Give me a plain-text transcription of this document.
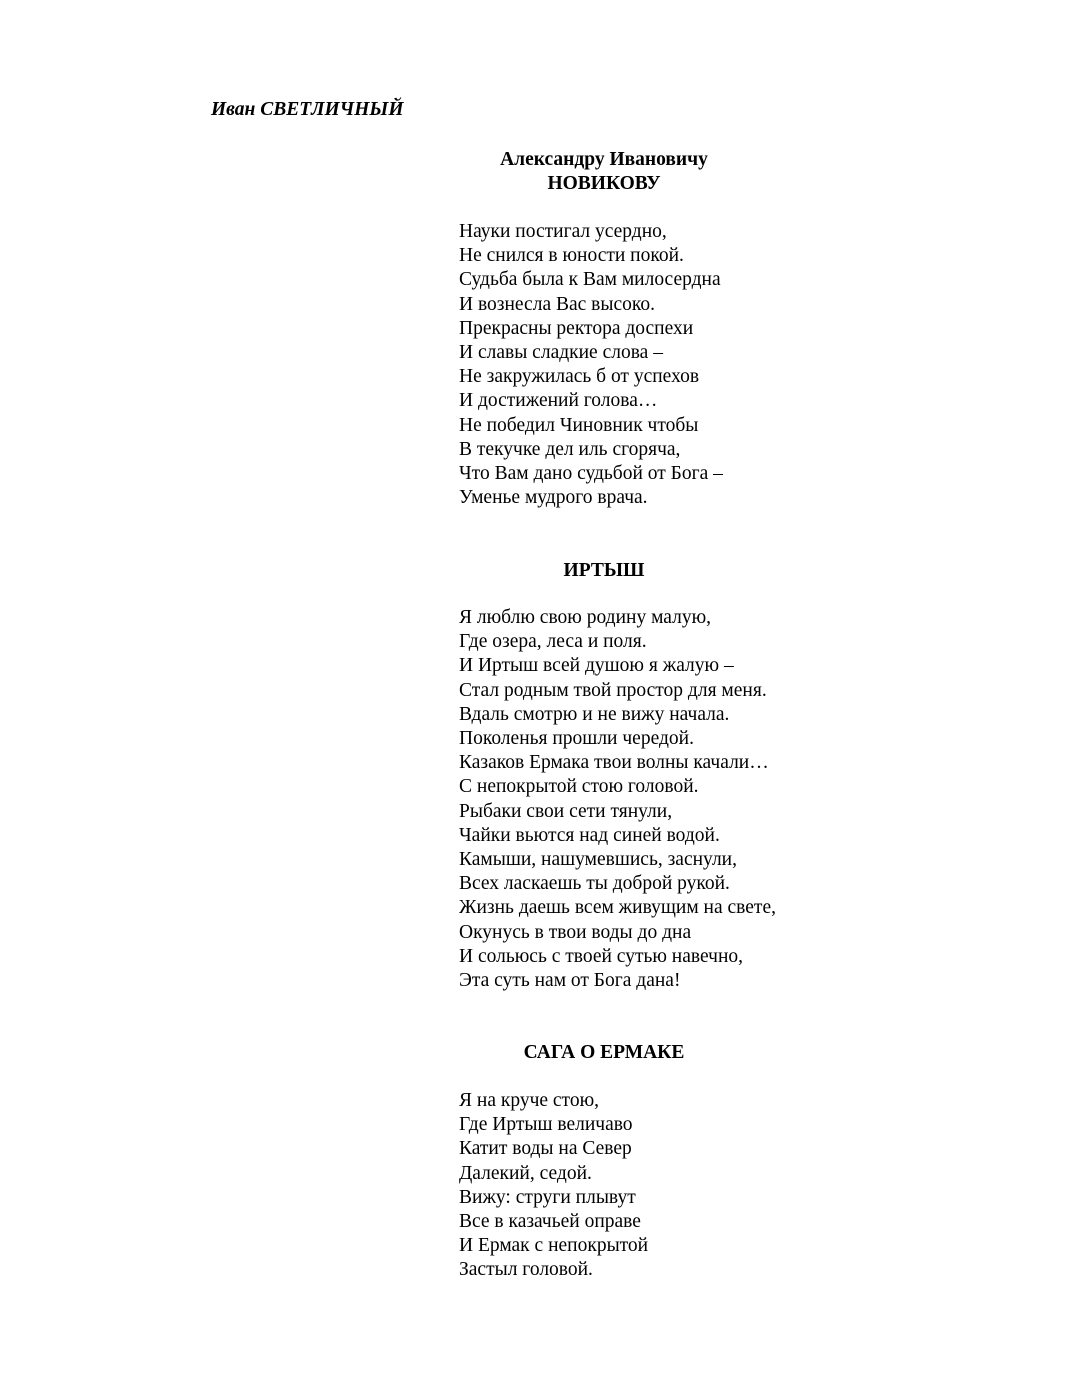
Иван СВЕТЛИЧНЫЙ
Александру Ивановичу
НОВИКОВУ
Науки постигал усердно,
Не снился в юности покой.
Судьба была к Вам милосердна
И вознесла Вас высоко.
Прекрасны ректора доспехи
И славы сладкие слова –
Не закружилась б от успехов
И достижений голова…
Не победил Чиновник чтобы
В текучке дел иль сгоряча,
Что Вам дано судьбой от Бога –
Уменье мудрого врача.
ИРТЫШ
Я люблю свою родину малую,
Где озера, леса и поля.
И Иртыш всей душою я жалую –
Стал родным твой простор для меня.
Вдаль смотрю и не вижу начала.
Поколенья прошли чередой.
Казаков Ермака твои волны качали…
С непокрытой стою головой.
Рыбаки свои сети тянули,
Чайки вьются над синей водой.
Камыши, нашумевшись, заснули,
Всех ласкаешь ты доброй рукой.
Жизнь даешь всем живущим на свете,
Окунусь в твои воды до дна
И сольюсь с твоей сутью навечно,
Эта суть нам от Бога дана!
САГА О ЕРМАКЕ
Я на круче стою,
Где Иртыш величаво
Катит воды на Север
Далекий, седой.
Вижу: струги плывут
Все в казачьей оправе
И Ермак с непокрытой
Застыл головой.
